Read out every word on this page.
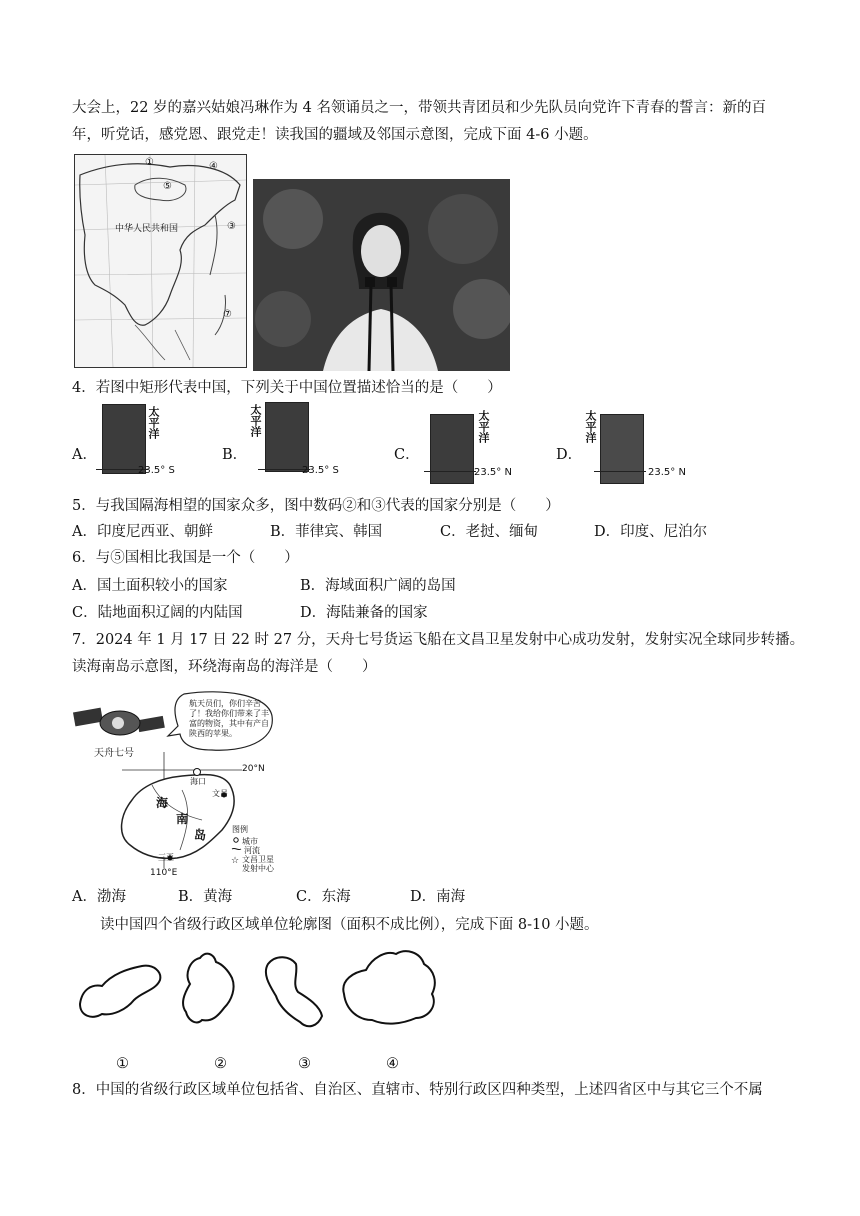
大会上，22 岁的嘉兴姑娘冯琳作为 4 名领诵员之一，带领共青团员和少先队员向党许下青春的誓言：新的百
年，听党话，感党恩、跟党走！读我国的疆域及邻国示意图，完成下面 4-6 小题。
中华人民共和国
①	④
⑤
③
⑦
4．若图中矩形代表中国，下列关于中国位置描述恰当的是（　　）
A．
太平洋
23.5° S
B．
太平洋
23.5° S
C．
太平洋
23.5° N
D．
太平洋
23.5° N
5．与我国隔海相望的国家众多，图中数码②和③代表的国家分别是（　　）
A．印度尼西亚、朝鲜	B．菲律宾、韩国	C．老挝、缅甸	D．印度、尼泊尔
6．与⑤国相比我国是一个（　　）
A．国土面积较小的国家	B．海域面积广阔的岛国
C．陆地面积辽阔的内陆国	D．海陆兼备的国家
7．2024 年 1 月 17 日 22 时 27 分，天舟七号货运飞船在文昌卫星发射中心成功发射，发射实况全球同步转播。
读海南岛示意图，环绕海南岛的海洋是（　　）
☆
航天员们，你们辛苦了！我给你们带来了丰富的物资，其中有产自陕西的苹果。
天舟七号
20°N
110°E
海口
文昌
三亚
海
南
岛	图例
城市
河流
文昌卫星发射中心
A．渤海	B．黄海	C．东海	D．南海
读中国四个省级行政区域单位轮廓图（面积不成比例），完成下面 8-10 小题。
①	②	③	④
8．中国的省级行政区域单位包括省、自治区、直辖市、特别行政区四种类型，上述四省区中与其它三个不属
